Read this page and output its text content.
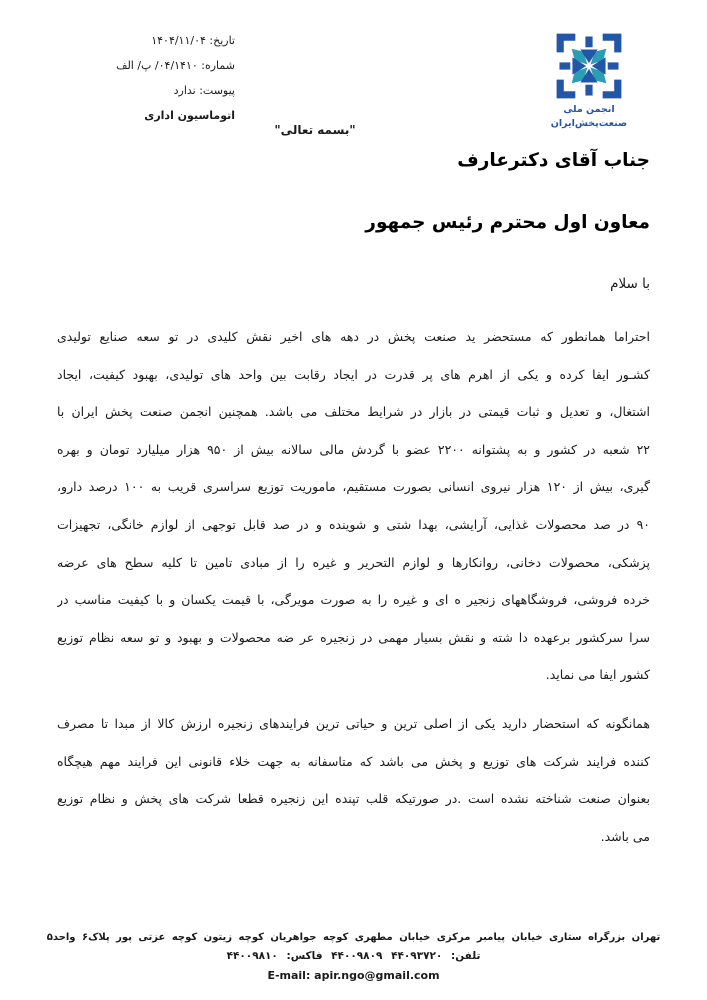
تاریخ: ۱۴۰۴/۱۱/۰۴
شماره: ۰۴/۱۴۱۰/ پ/ الف
پیوست: ندارد
اتوماسیون اداری	انجمن ملی
صنعت‌پخش‌ایران
"بسمه تعالی"
جناب آقای دکترعارف
معاون اول محترم رئیس جمهور
با سلام
احتراما همانطور که مستحضر ید صنعت پخش در دهه های اخیر نقش کلیدی در تو سعه صنایع تولیدی
کشـور ایفا کرده و یکی از اهرم های پر قدرت در ایجاد رقابت بین واحد های تولیدی، بهبود کیفیت، ایجاد
اشتغال، و تعدیل و ثبات قیمتی در بازار در شرایط مختلف می باشد. همچنین انجمن صنعت پخش ایران با
۲۲ شعبه در کشور و به پشتوانه ۲۲۰۰ عضو با گردش مالی سالانه بیش از ۹۵۰ هزار میلیارد تومان و بهره
گیری، بیش از ۱۲۰ هزار نیروی انسانی بصورت مستقیم، ماموریت توزیع سراسری قریب به ۱۰۰ درصد دارو،
۹۰ در صد محصولات غذایی، آرایشی، بهدا شتی و شوینده و در صد قابل توجهی از لوازم خانگی، تجهیزات
پزشکی، محصولات دخانی، روانکارها و لوازم التحریر و غیره را از مبادی تامین تا کلیه سطح های عرضه
خرده فروشی، فروشگاههای زنجیر ه ای و غیره را به صورت مویرگی، با قیمت یکسان و با کیفیت مناسب در
سرا سرکشور برعهده دا شته و نقش بسیار مهمی در زنجیره عر ضه محصولات و بهبود و تو سعه نظام توزیع
کشور ایفا می نماید.
همانگونه که استحضار دارید یکی از اصلی ترین و حیاتی ترین فرایندهای زنجیره ارزش کالا از مبدا تا مصرف
کننده فرایند شرکت های توزیع و پخش می باشد که متاسفانه به جهت خلاء قانونی این فرایند مهم هیچگاه
بعنوان صنعت شناخته نشده است .در صورتیکه قلب تپنده این زنجیره قطعا شرکت های پخش و نظام توزیع
می باشد.
تهران بزرگراه ستاری خیابان پیامبر مرکزی خیابان مطهری کوچه جواهریان کوچه زیتون کوچه عزتی پور پلاک۶ واحد۵
تلفن: ۴۴۰۹۳۷۲۰ ۴۴۰۰۹۸۰۹ فاکس: ۴۴۰۰۹۸۱۰
E-mail: apir.ngo@gmail.com
